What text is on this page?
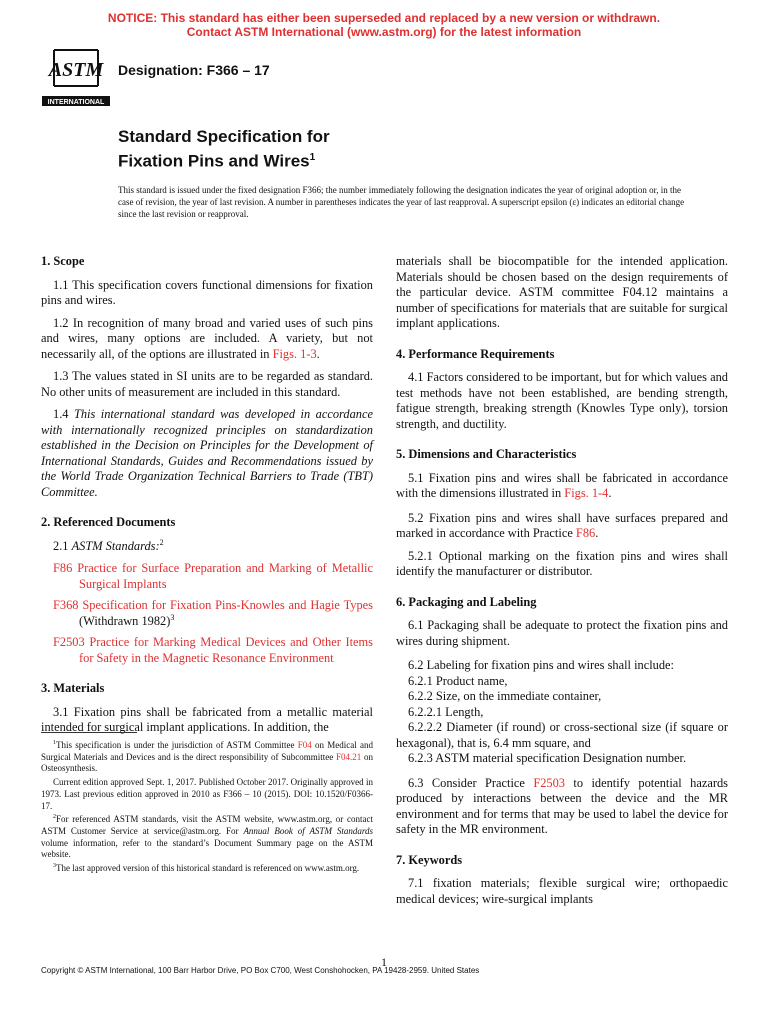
NOTICE: This standard has either been superseded and replaced by a new version or withdrawn.
Contact ASTM International (www.astm.org) for the latest information
ASTM
INTERNATIONAL
Designation: F366 – 17
Standard Specification for
Fixation Pins and Wires$^1$
This standard is issued under the fixed designation F366; the number immediately following the designation indicates the year of original adoption or, in the case of revision, the year of last revision. A number in parentheses indicates the year of last reapproval. A superscript epsilon (ε) indicates an editorial change since the last revision or reapproval.
1. Scope

1.1 This specification covers functional dimensions for fixation pins and wires.

1.2 In recognition of many broad and varied uses of such pins and wires, many options are included. A variety, but not necessarily all, of the options are illustrated in Figs. 1-3.

1.3 The values stated in SI units are to be regarded as standard. No other units of measurement are included in this standard.

1.4 This international standard was developed in accordance with internationally recognized principles on standardization established in the Decision on Principles for the Development of International Standards, Guides and Recommendations issued by the World Trade Organization Technical Barriers to Trade (TBT) Committee.

2. Referenced Documents

2.1 ASTM Standards:$^2$

F86 Practice for Surface Preparation and Marking of Metallic Surgical Implants
F368 Specification for Fixation Pins-Knowles and Hagie Types (Withdrawn 1982)$^3$
F2503 Practice for Marking Medical Devices and Other Items for Safety in the Magnetic Resonance Environment
3. Materials

3.1 Fixation pins shall be fabricated from a metallic material intended for surgical implant applications. In addition, the

$^1$This specification is under the jurisdiction of ASTM Committee F04 on Medical and Surgical Materials and Devices and is the direct responsibility of Subcommittee F04.21 on Osteosynthesis.

Current edition approved Sept. 1, 2017. Published October 2017. Originally approved in 1973. Last previous edition approved in 2010 as F366 – 10 (2015). DOI: 10.1520/F0366-17.

$^2$For referenced ASTM standards, visit the ASTM website, www.astm.org, or contact ASTM Customer Service at service@astm.org. For Annual Book of ASTM Standards volume information, refer to the standard’s Document Summary page on the ASTM website.

$^3$The last approved version of this historical standard is referenced on www.astm.org.

materials shall be biocompatible for the intended application. Materials should be chosen based on the design requirements of the particular device. ASTM committee F04.12 maintains a number of specifications for materials that are suitable for surgical implant applications.

4. Performance Requirements

4.1 Factors considered to be important, but for which values and test methods have not been established, are bending strength, fatigue strength, breaking strength (Knowles Type only), torsion strength, and ductility.

5. Dimensions and Characteristics

5.1 Fixation pins and wires shall be fabricated in accordance with the dimensions illustrated in Figs. 1-4.

5.2 Fixation pins and wires shall have surfaces prepared and marked in accordance with Practice F86.

5.2.1 Optional marking on the fixation pins and wires shall identify the manufacturer or distributor.

6. Packaging and Labeling

6.1 Packaging shall be adequate to protect the fixation pins and wires during shipment.

6.2 Labeling for fixation pins and wires shall include:

6.2.1 Product name,

6.2.2 Size, on the immediate container,

6.2.2.1 Length,

6.2.2.2 Diameter (if round) or cross-sectional size (if square or hexagonal), that is, 6.4 mm square, and

6.2.3 ASTM material specification Designation number.

6.3 Consider Practice F2503 to identify potential hazards produced by interactions between the device and the MR environment and for terms that may be used to label the device for safety in the MR environment.

7. Keywords

7.1 fixation materials; flexible surgical wire; orthopaedic medical devices; wire-surgical implants

Copyright © ASTM International, 100 Barr Harbor Drive, PO Box C700, West Conshohocken, PA 19428-2959. United States
1
